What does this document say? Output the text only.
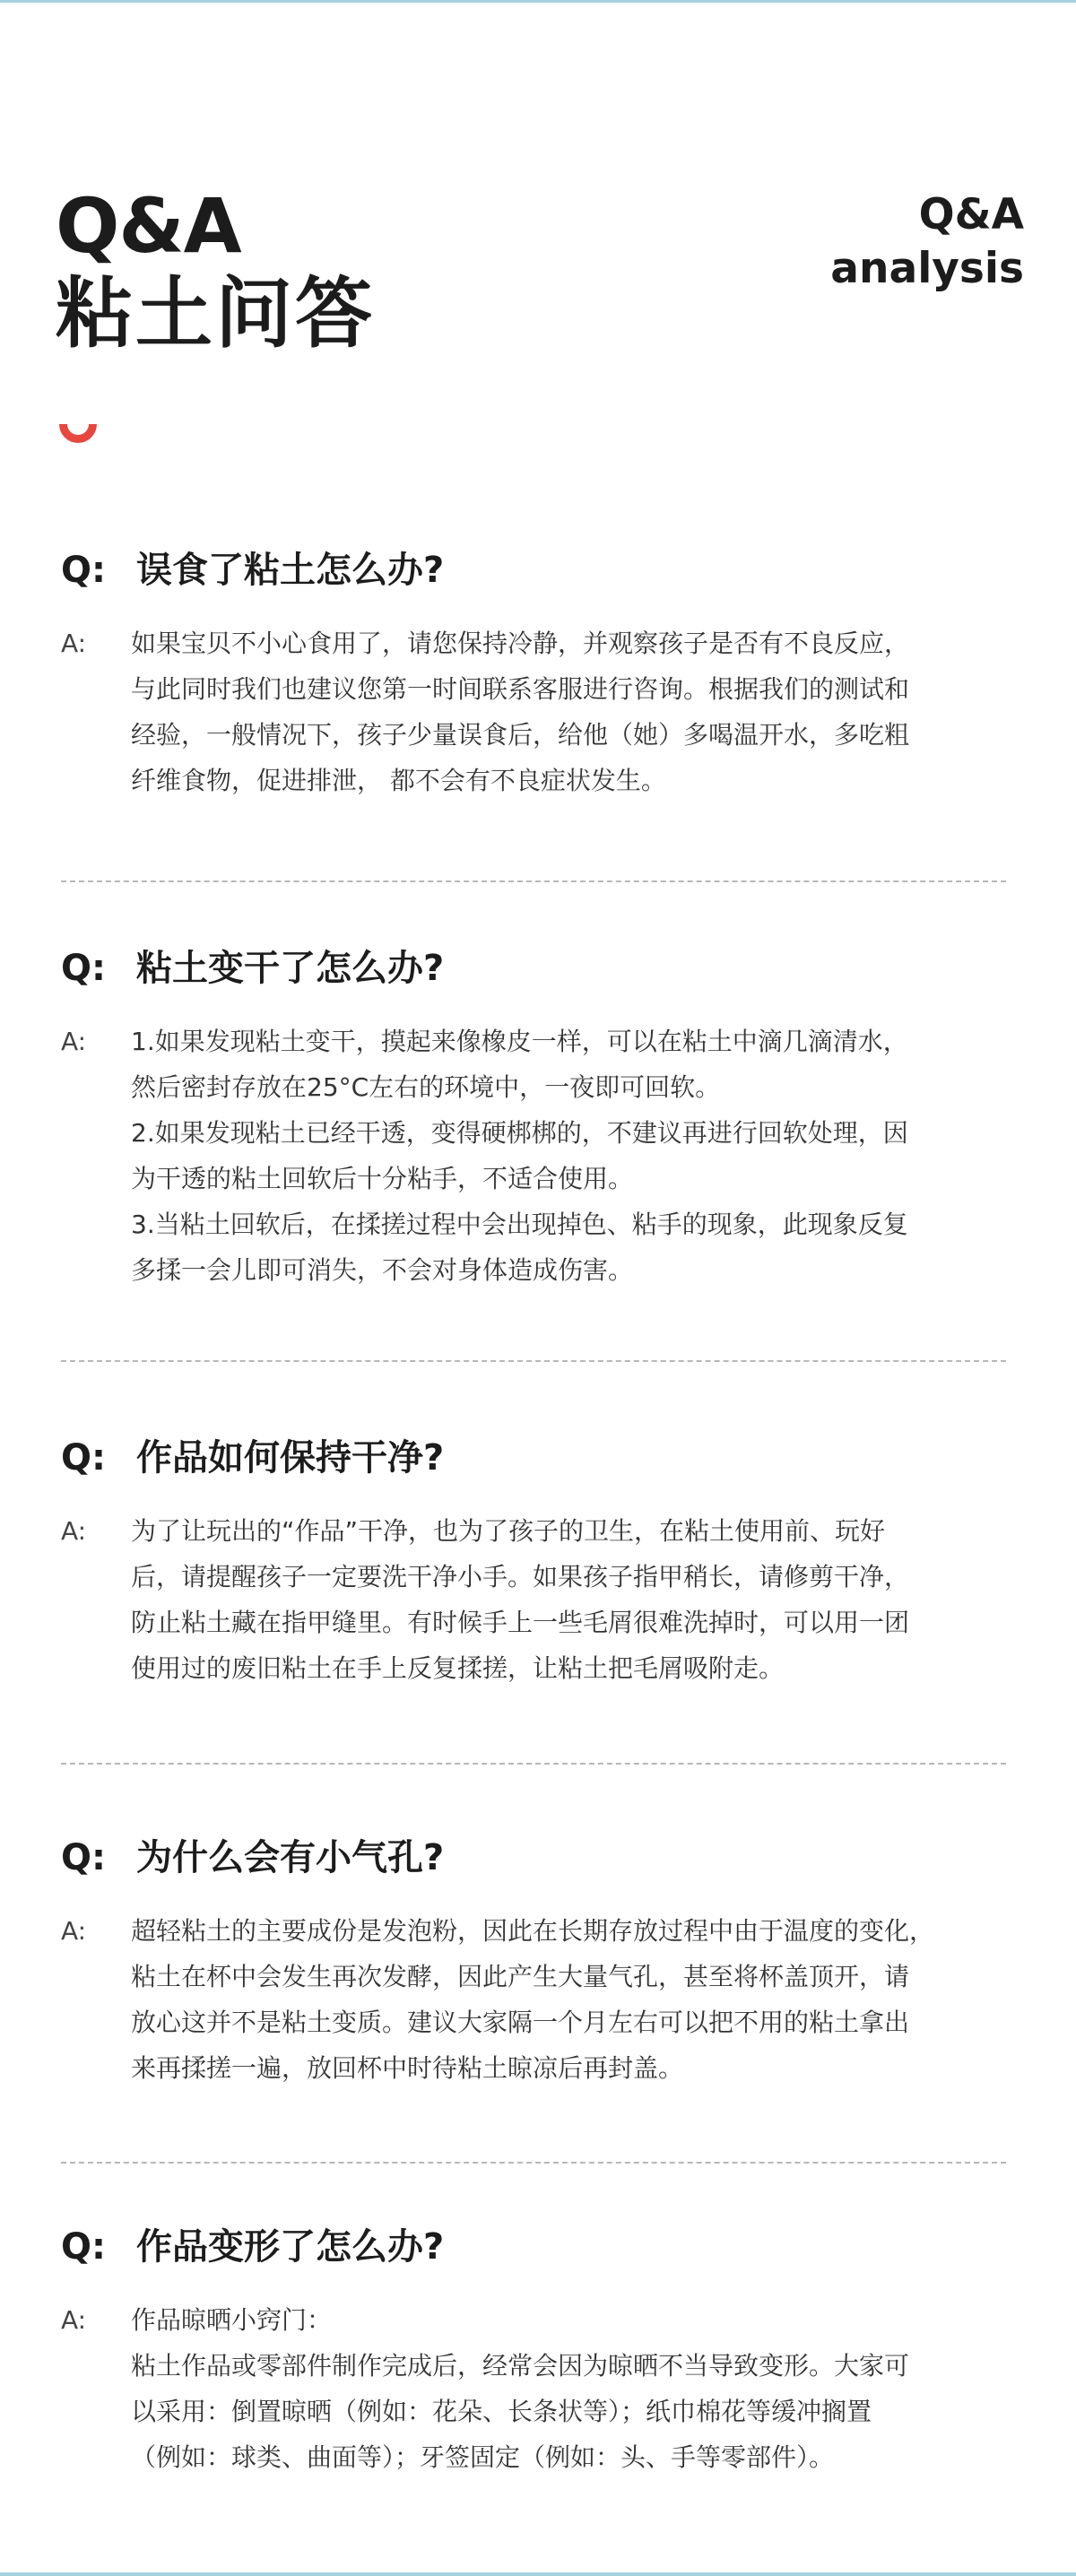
Q&A
粘土问答
Q&A
analysis
Q: 误食了粘土怎么办?
A:	如果宝贝不小心食用了，请您保持冷静，并观察孩子是否有不良反应，
与此同时我们也建议您第一时间联系客服进行咨询。根据我们的测试和
经验，一般情况下，孩子少量误食后，给他（她）多喝温开水，多吃粗
纤维食物，促进排泄， 都不会有不良症状发生。
Q: 粘土变干了怎么办?
A:	1.如果发现粘土变干，摸起来像橡皮一样，可以在粘土中滴几滴清水，
然后密封存放在25°C左右的环境中，一夜即可回软。
2.如果发现粘土已经干透，变得硬梆梆的，不建议再进行回软处理，因
为干透的粘土回软后十分粘手，不适合使用。
3.当粘土回软后，在揉搓过程中会出现掉色、粘手的现象，此现象反复
多揉一会儿即可消失，不会对身体造成伤害。
Q: 作品如何保持干净?
A:	为了让玩出的“作品”干净，也为了孩子的卫生，在粘土使用前、玩好
后，请提醒孩子一定要洗干净小手。如果孩子指甲稍长，请修剪干净，
防止粘土藏在指甲缝里。有时候手上一些毛屑很难洗掉时，可以用一团
使用过的废旧粘土在手上反复揉搓，让粘土把毛屑吸附走。
Q: 为什么会有小气孔?
A:	超轻粘土的主要成份是发泡粉，因此在长期存放过程中由于温度的变化，
粘土在杯中会发生再次发酵，因此产生大量气孔，甚至将杯盖顶开，请
放心这并不是粘土变质。建议大家隔一个月左右可以把不用的粘土拿出
来再揉搓一遍，放回杯中时待粘土晾凉后再封盖。
Q: 作品变形了怎么办?
A:	作品晾晒小窍门：
粘土作品或零部件制作完成后，经常会因为晾晒不当导致变形。大家可
以采用：倒置晾晒（例如：花朵、长条状等）；纸巾棉花等缓冲搁置
（例如：球类、曲面等）；牙签固定（例如：头、手等零部件）。
